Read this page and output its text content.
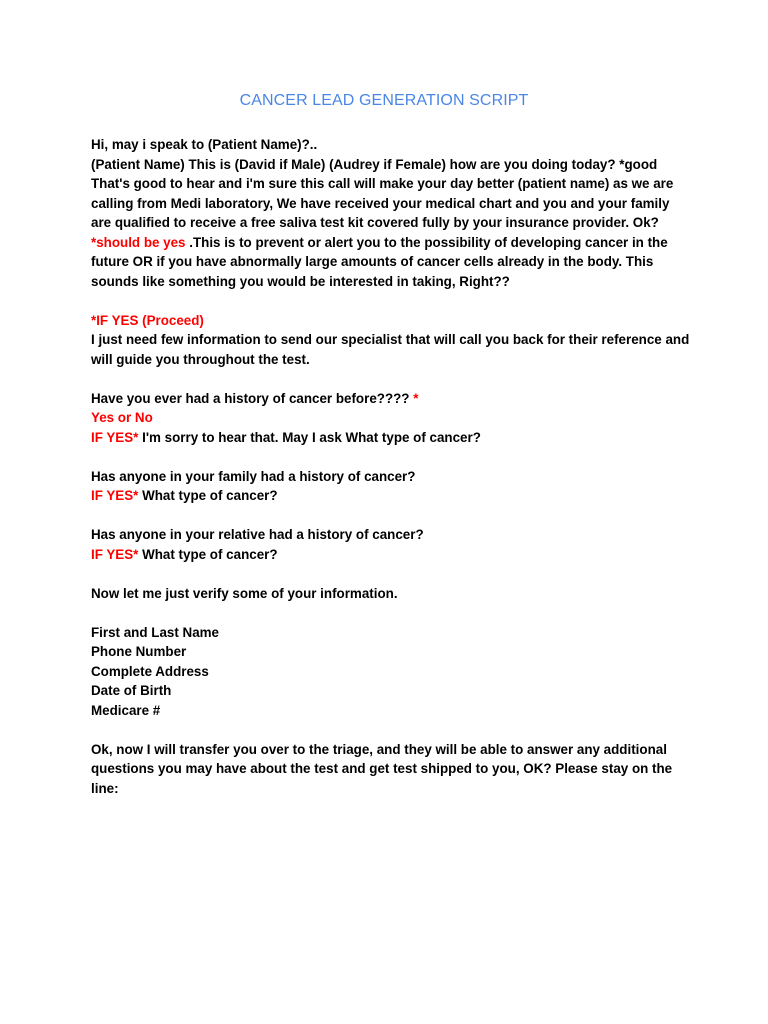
CANCER LEAD GENERATION SCRIPT

Hi, may i speak to (Patient Name)?..

(Patient Name) This is (David if Male) (Audrey if Female) how are you doing today? *good That's good to hear and i'm sure this call will make your day better (patient name) as we are calling from Medi laboratory, We have received your medical chart and you and your family are qualified to receive a free saliva test kit covered fully by your insurance provider. Ok? *should be yes .This is to prevent or alert you to the possibility of developing cancer in the future OR if you have abnormally large amounts of cancer cells already in the body. This sounds like something you would be interested in taking, Right??

*IF YES (Proceed)

I just need few information to send our specialist that will call you back for their reference and will guide you throughout the test.

Have you ever had a history of cancer before???? *

Yes or No

IF YES* I'm sorry to hear that. May I ask What type of cancer?

Has anyone in your family had a history of cancer?

IF YES* What type of cancer?

Has anyone in your relative had a history of cancer?

IF YES* What type of cancer?

Now let me just verify some of your information.

First and Last Name

Phone Number

Complete Address

Date of Birth

Medicare #

Ok, now I will transfer you over to the triage, and they will be able to answer any additional questions you may have about the test and get test shipped to you, OK? Please stay on the line:
